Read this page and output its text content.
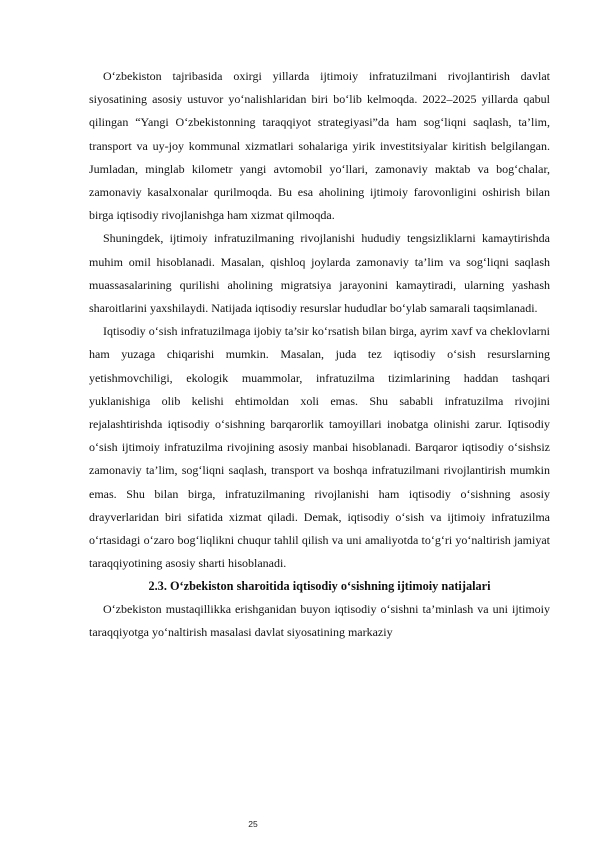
O‘zbekiston tajribasida oxirgi yillarda ijtimoiy infratuzilmani rivojlantirish davlat siyosatining asosiy ustuvor yo‘nalishlaridan biri bo‘lib kelmoqda. 2022–2025 yillarda qabul qilingan “Yangi O‘zbekistonning taraqqiyot strategiyasi”da ham sog‘liqni saqlash, ta’lim, transport va uy-joy kommunal xizmatlari sohalariga yirik investitsiyalar kiritish belgilangan. Jumladan, minglab kilometr yangi avtomobil yo‘llari, zamonaviy maktab va bog‘chalar, zamonaviy kasalxonalar qurilmoqda. Bu esa aholining ijtimoiy farovonligini oshirish bilan birga iqtisodiy rivojlanishga ham xizmat qilmoqda.

Shuningdek, ijtimoiy infratuzilmaning rivojlanishi hududiy tengsizliklarni kamaytirishda muhim omil hisoblanadi. Masalan, qishloq joylarda zamonaviy ta’lim va sog‘liqni saqlash muassasalarining qurilishi aholining migratsiya jarayonini kamaytiradi, ularning yashash sharoitlarini yaxshilaydi. Natijada iqtisodiy resurslar hududlar bo‘ylab samarali taqsimlanadi.

Iqtisodiy o‘sish infratuzilmaga ijobiy ta’sir ko‘rsatish bilan birga, ayrim xavf va cheklovlarni ham yuzaga chiqarishi mumkin. Masalan, juda tez iqtisodiy o‘sish resurslarning yetishmovchiligi, ekologik muammolar, infratuzilma tizimlarining haddan tashqari yuklanishiga olib kelishi ehtimoldan xoli emas. Shu sababli infratuzilma rivojini rejalashtirishda iqtisodiy o‘sishning barqarorlik tamoyillari inobatga olinishi zarur. Iqtisodiy o‘sish ijtimoiy infratuzilma rivojining asosiy manbai hisoblanadi. Barqaror iqtisodiy o‘sishsiz zamonaviy ta’lim, sog‘liqni saqlash, transport va boshqa infratuzilmani rivojlantirish mumkin emas. Shu bilan birga, infratuzilmaning rivojlanishi ham iqtisodiy o‘sishning asosiy drayverlaridan biri sifatida xizmat qiladi. Demak, iqtisodiy o‘sish va ijtimoiy infratuzilma o‘rtasidagi o‘zaro bog‘liqlikni chuqur tahlil qilish va uni amaliyotda to‘g‘ri yo‘naltirish jamiyat taraqqiyotining asosiy sharti hisoblanadi.

2.3. O‘zbekiston sharoitida iqtisodiy o‘sishning ijtimoiy natijalari

O‘zbekiston mustaqillikka erishganidan buyon iqtisodiy o‘sishni ta’minlash va uni ijtimoiy taraqqiyotga yo‘naltirish masalasi davlat siyosatining markaziy

25
